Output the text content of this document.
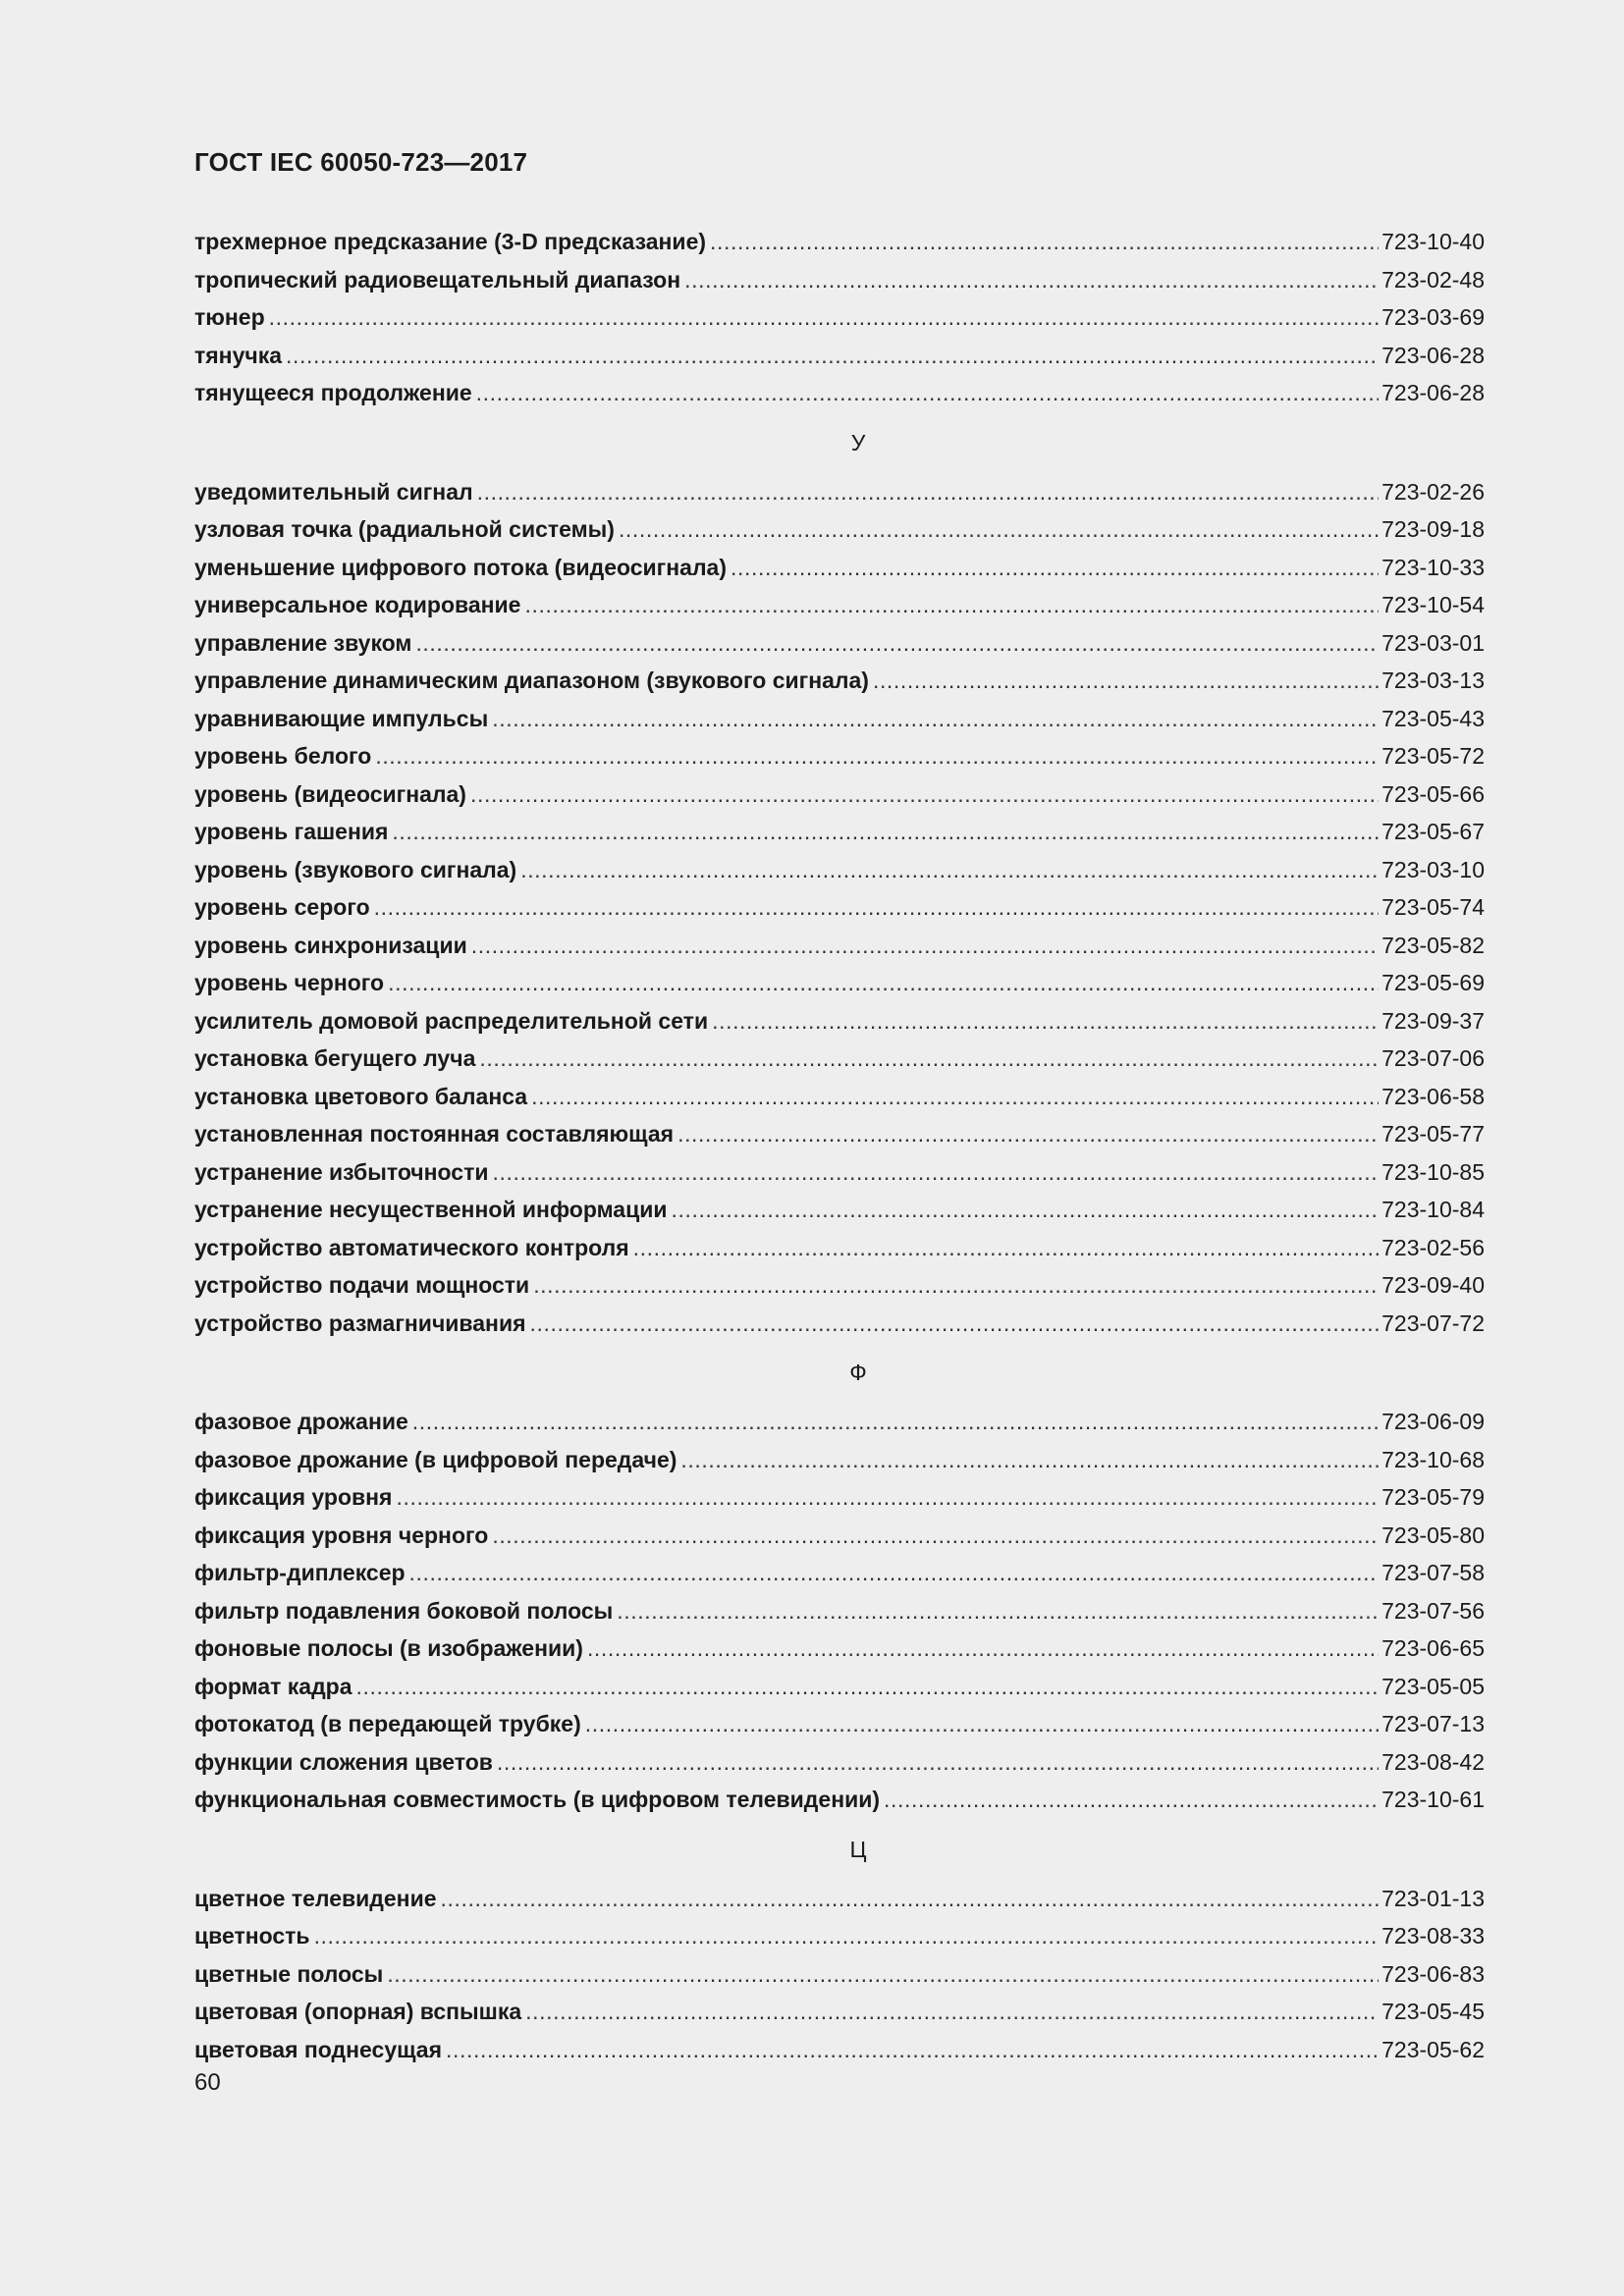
ГОСТ IEC 60050-723—2017
трехмерное предсказание (3-D предсказание) .....	723-10-40
тропический радиовещательный диапазон .....	723-02-48
тюнер .....	723-03-69
тянучка .....	723-06-28
тянущееся продолжение .....	723-06-28
У
уведомительный сигнал .....	723-02-26
узловая точка (радиальной системы) .....	723-09-18
уменьшение цифрового потока (видеосигнала) .....	723-10-33
универсальное кодирование .....	723-10-54
управление звуком .....	723-03-01
управление динамическим диапазоном (звукового сигнала) .....	723-03-13
уравнивающие импульсы .....	723-05-43
уровень белого .....	723-05-72
уровень (видеосигнала) .....	723-05-66
уровень гашения .....	723-05-67
уровень (звукового сигнала) .....	723-03-10
уровень серого .....	723-05-74
уровень синхронизации .....	723-05-82
уровень черного .....	723-05-69
усилитель домовой распределительной сети .....	723-09-37
установка бегущего луча .....	723-07-06
установка цветового баланса .....	723-06-58
установленная постоянная составляющая .....	723-05-77
устранение избыточности .....	723-10-85
устранение несущественной информации .....	723-10-84
устройство автоматического контроля .....	723-02-56
устройство подачи мощности .....	723-09-40
устройство размагничивания .....	723-07-72
Ф
фазовое дрожание .....	723-06-09
фазовое дрожание (в цифровой передаче) .....	723-10-68
фиксация уровня .....	723-05-79
фиксация уровня черного .....	723-05-80
фильтр-диплексер .....	723-07-58
фильтр подавления боковой полосы .....	723-07-56
фоновые полосы (в изображении) .....	723-06-65
формат кадра .....	723-05-05
фотокатод (в передающей трубке) .....	723-07-13
функции сложения цветов .....	723-08-42
функциональная совместимость (в цифровом телевидении) .....	723-10-61
Ц
цветное телевидение .....	723-01-13
цветность .....	723-08-33
цветные полосы .....	723-06-83
цветовая (опорная) вспышка .....	723-05-45
цветовая поднесущая .....	723-05-62
60
